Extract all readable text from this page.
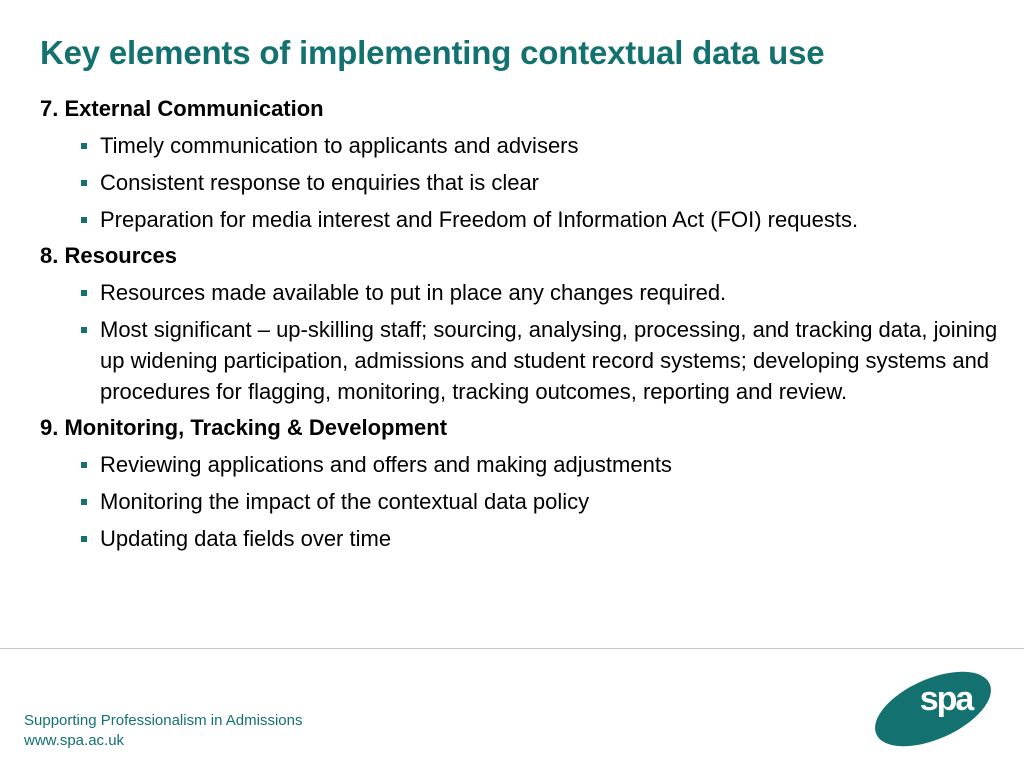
Key elements of implementing contextual data use
7. External Communication
Timely communication to applicants and advisers
Consistent response to enquiries that is clear
Preparation for media interest and Freedom of Information Act (FOI) requests.
8. Resources
Resources made available to put in place any changes required.
Most significant – up-skilling staff; sourcing, analysing, processing, and tracking data, joining up widening participation, admissions and student record systems; developing systems and procedures for flagging, monitoring, tracking outcomes, reporting and review.
9. Monitoring, Tracking & Development
Reviewing applications and offers and making adjustments
Monitoring the impact of the contextual data policy
Updating data fields over time
Supporting Professionalism in Admissions
www.spa.ac.uk
spa
